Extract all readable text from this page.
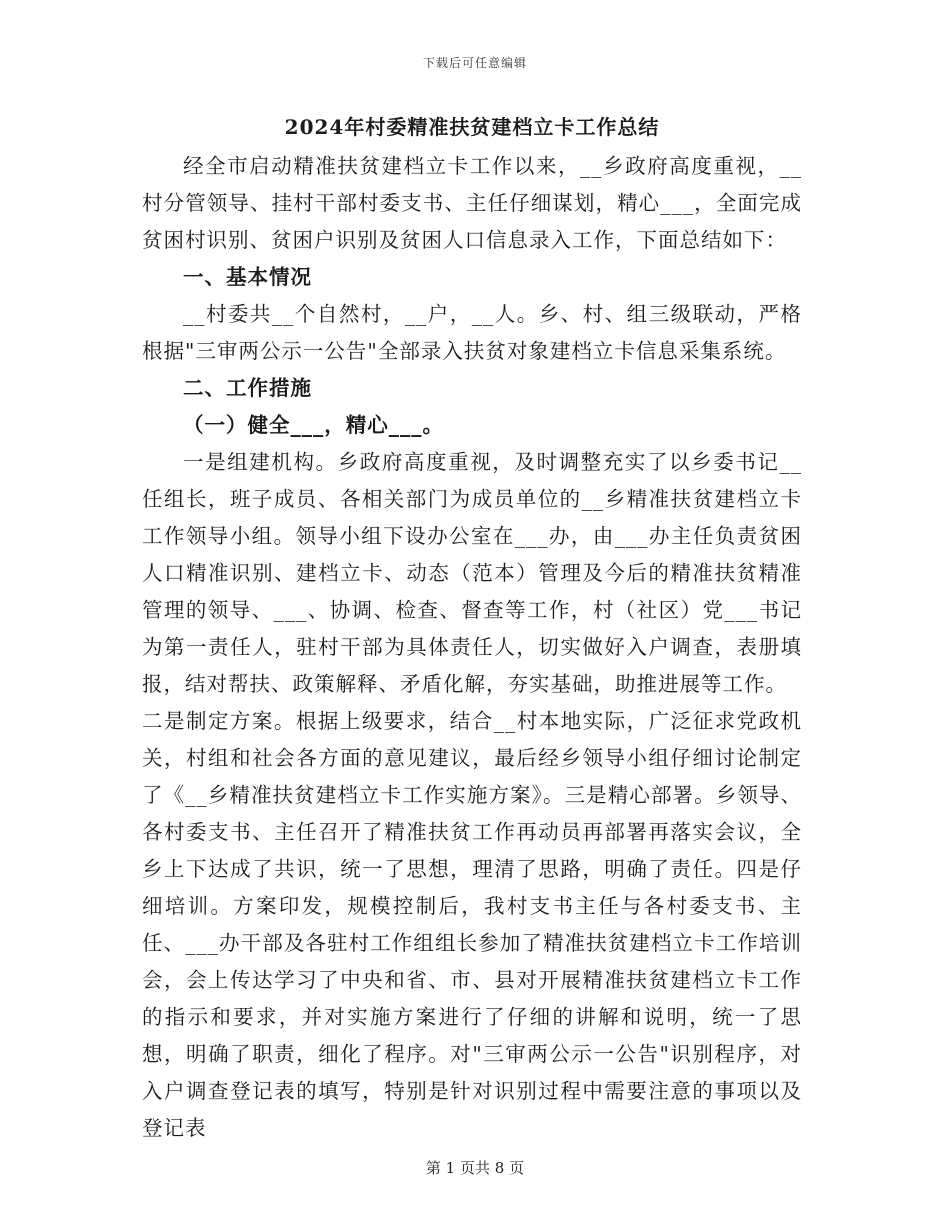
下载后可任意编辑
2024年村委精准扶贫建档立卡工作总结

经全市启动精准扶贫建档立卡工作以来，__乡政府高度重视，__村分管领导、挂村干部村委支书、主任仔细谋划，精心___，全面完成贫困村识别、贫困户识别及贫困人口信息录入工作，下面总结如下：

一、基本情况

__村委共__个自然村，__户，__人。乡、村、组三级联动，严格根据"三审两公示一公告"全部录入扶贫对象建档立卡信息采集系统。

二、工作措施

（一）健全___，精心___。

一是组建机构。乡政府高度重视，及时调整充实了以乡委书记__任组长，班子成员、各相关部门为成员单位的__乡精准扶贫建档立卡工作领导小组。领导小组下设办公室在___办，由___办主任负责贫困人口精准识别、建档立卡、动态（范本）管理及今后的精准扶贫精准管理的领导、___、协调、检查、督查等工作，村（社区）党___书记为第一责任人，驻村干部为具体责任人，切实做好入户调查，表册填报，结对帮扶、政策解释、矛盾化解，夯实基础，助推进展等工作。

二是制定方案。根据上级要求，结合__村本地实际，广泛征求党政机关，村组和社会各方面的意见建议，最后经乡领导小组仔细讨论制定了《__乡精准扶贫建档立卡工作实施方案》。三是精心部署。乡领导、各村委支书、主任召开了精准扶贫工作再动员再部署再落实会议，全乡上下达成了共识，统一了思想，理清了思路，明确了责任。四是仔细培训。方案印发，规模控制后，我村支书主任与各村委支书、主任、___办干部及各驻村工作组组长参加了精准扶贫建档立卡工作培训会，会上传达学习了中央和省、市、县对开展精准扶贫建档立卡工作的指示和要求，并对实施方案进行了仔细的讲解和说明，统一了思想，明确了职责，细化了程序。对"三审两公示一公告"识别程序，对入户调查登记表的填写，特别是针对识别过程中需要注意的事项以及登记表

第 1 页共 8 页
